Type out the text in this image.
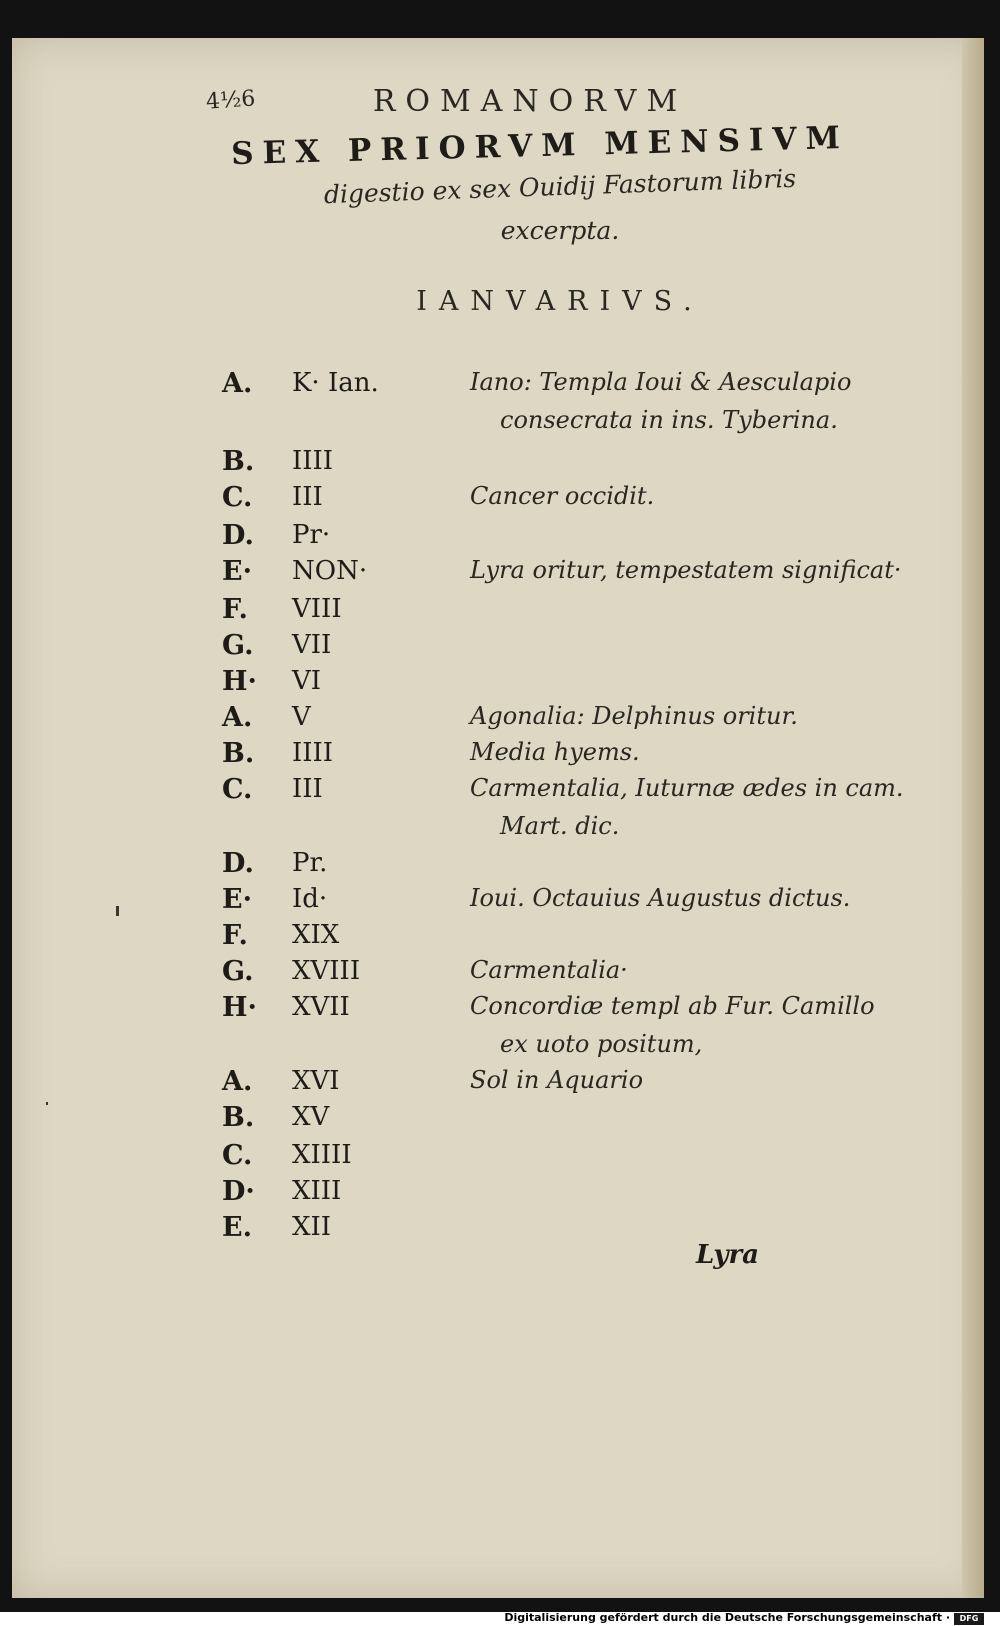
4½6	ROMANORVM
SEX PRIORVM MENSIVM
digestio ex sex Ouidij Fastorum libris
excerpta.
IANVARIVS.
A.	K· Ian.	Iano: Templa Ioui & Aesculapio
consecrata in ins. Tyberina.
B.	IIII
C.	III	Cancer occidit.
D.	Pr·
E·	NON·	Lyra oritur, tempestatem significat·
F.	VIII
G.	VII
H·	VI
A.	V	Agonalia: Delphinus oritur.
B.	IIII	Media hyems.
C.	III	Carmentalia, Iuturnæ ædes in cam.
Mart. dic.
D.	Pr.
E·	Id·	Ioui. Octauius Augustus dictus.
F.	XIX
G.	XVIII	Carmentalia·
H·	XVII	Concordiæ templ ab Fur. Camillo
ex uoto positum,
A.	XVI	Sol in Aquario
B.	XV
C.	XIIII
D·	XIII
E.	XII
Lyra
Digitalisierung gefördert durch die Deutsche Forschungsgemeinschaft ·	DFG
